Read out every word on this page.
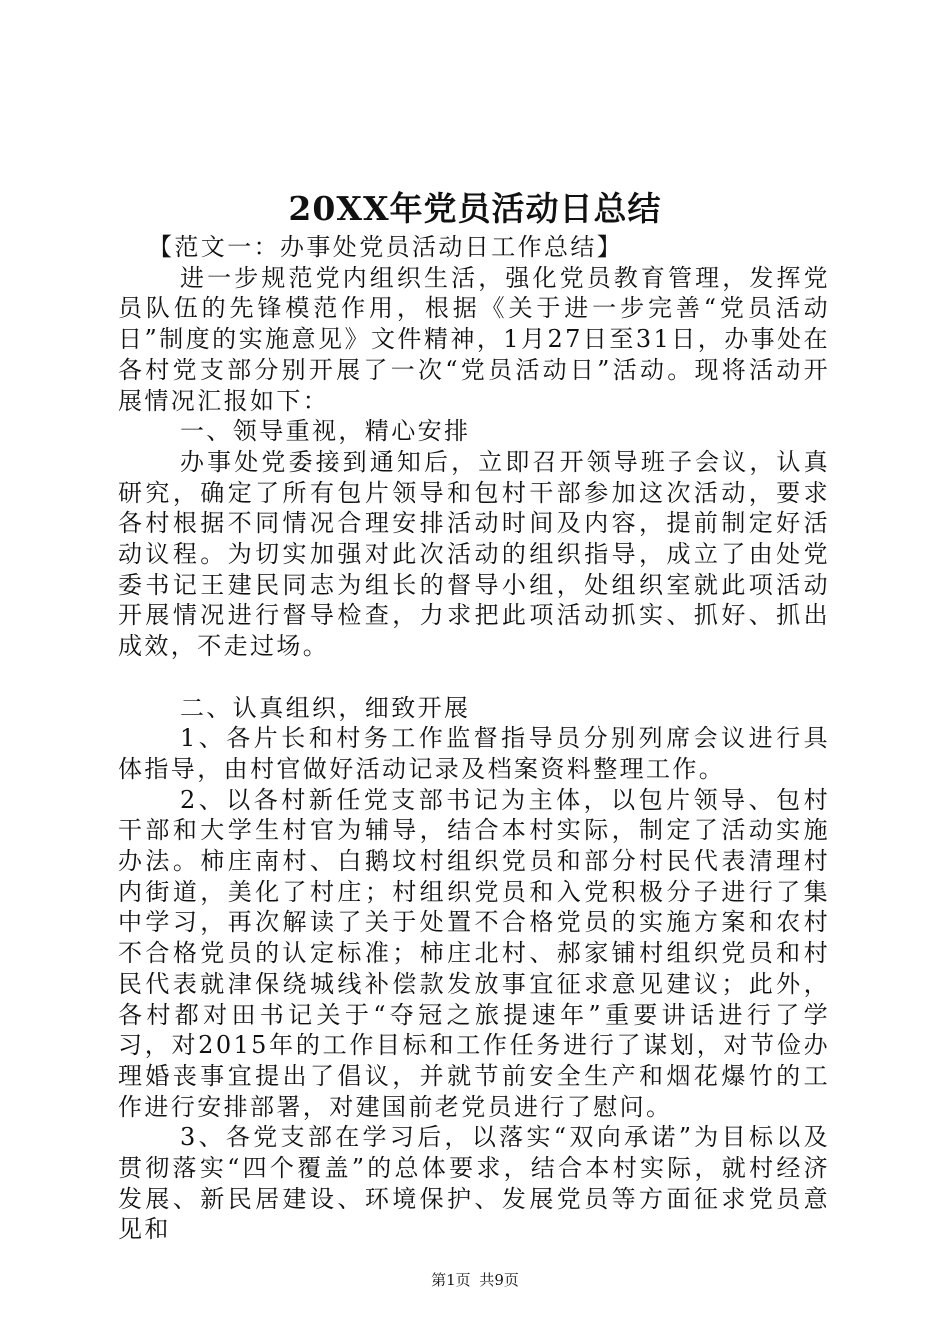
20XX年党员活动日总结

【范文一：办事处党员活动日工作总结】

进一步规范党内组织生活，强化党员教育管理，发挥党员队伍的先锋模范作用，根据《关于进一步完善“党员活动日”制度的实施意见》文件精神，1月27日至31日，办事处在各村党支部分别开展了一次“党员活动日”活动。现将活动开展情况汇报如下：

一、领导重视，精心安排

办事处党委接到通知后，立即召开领导班子会议，认真研究，确定了所有包片领导和包村干部参加这次活动，要求各村根据不同情况合理安排活动时间及内容，提前制定好活动议程。为切实加强对此次活动的组织指导，成立了由处党委书记王建民同志为组长的督导小组，处组织室就此项活动开展情况进行督导检查，力求把此项活动抓实、抓好、抓出成效，不走过场。

二、认真组织，细致开展

1、各片长和村务工作监督指导员分别列席会议进行具体指导，由村官做好活动记录及档案资料整理工作。

2、以各村新任党支部书记为主体，以包片领导、包村干部和大学生村官为辅导，结合本村实际，制定了活动实施办法。柿庄南村、白鹅坟村组织党员和部分村民代表清理村内街道，美化了村庄；村组织党员和入党积极分子进行了集中学习，再次解读了关于处置不合格党员的实施方案和农村不合格党员的认定标准；柿庄北村、郝家铺村组织党员和村民代表就津保绕城线补偿款发放事宜征求意见建议；此外，各村都对田书记关于“夺冠之旅提速年”重要讲话进行了学习，对2015年的工作目标和工作任务进行了谋划，对节俭办理婚丧事宜提出了倡议，并就节前安全生产和烟花爆竹的工作进行安排部署，对建国前老党员进行了慰问。

3、各党支部在学习后，以落实“双向承诺”为目标以及贯彻落实“四个覆盖”的总体要求，结合本村实际，就村经济发展、新民居建设、环境保护、发展党员等方面征求党员意见和

第1页 共9页
